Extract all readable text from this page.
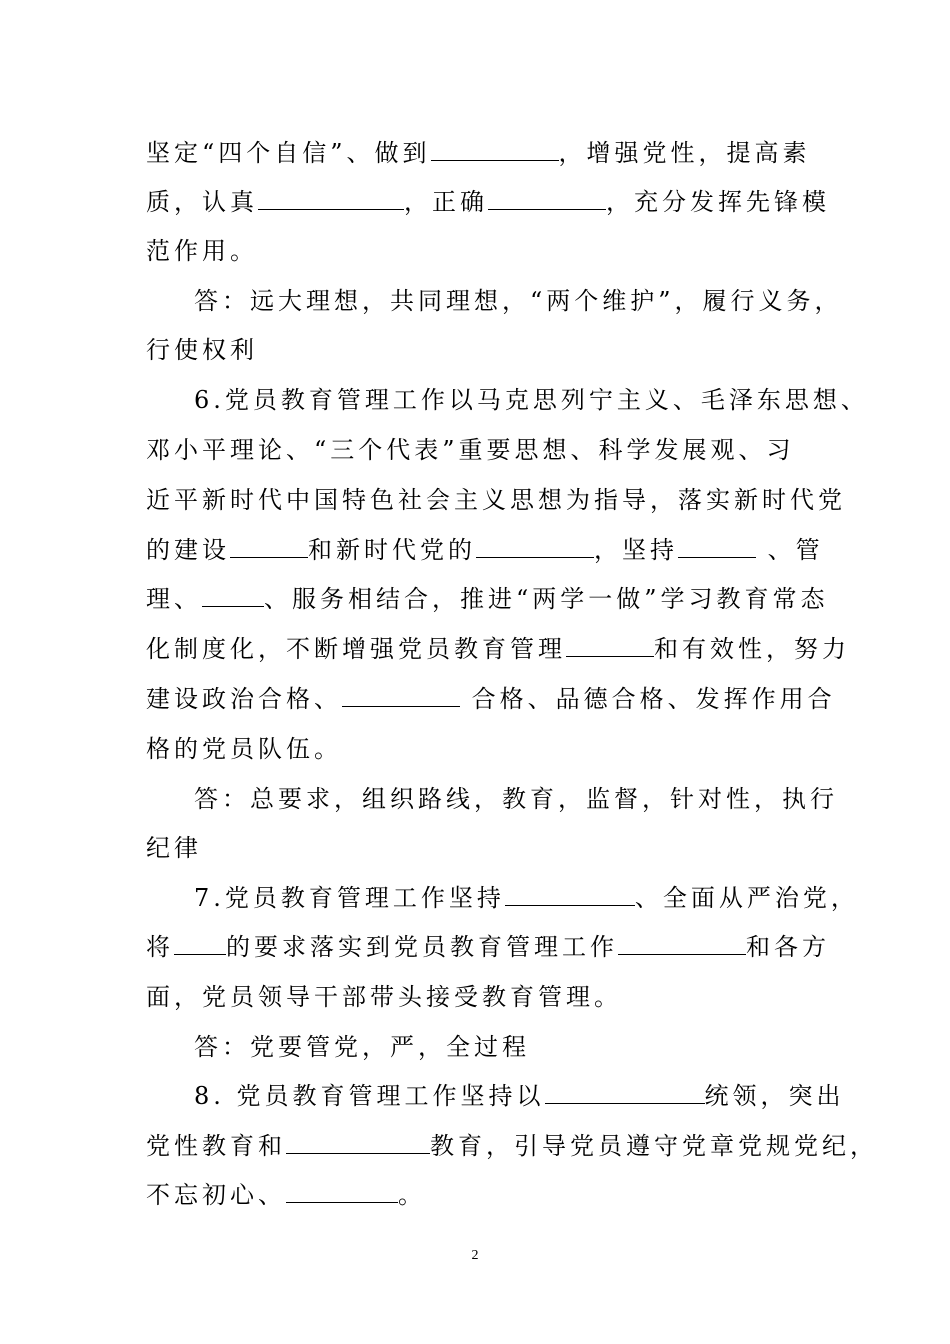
坚定“四个自信”、做到	，增强党性，提高素
质，认真	，正确	，充分发挥先锋模
范作用。
答：远大理想，共同理想，“两个维护”，履行义务，
行使权利
6.党员教育管理工作以马克思列宁主义、毛泽东思想、
邓小平理论、“三个代表”重要思想、科学发展观、习
近平新时代中国特色社会主义思想为指导，落实新时代党
的建设	和新时代党的	，坚持	、管
理、	、服务相结合，推进“两学一做”学习教育常态
化制度化，不断增强党员教育管理	和有效性，努力
建设政治合格、	合格、品德合格、发挥作用合
格的党员队伍。
答：总要求，组织路线，教育，监督，针对性，执行
纪律
7.党员教育管理工作坚持	、全面从严治党，
将 的要求落实到党员教育管理工作	和各方
面，党员领导干部带头接受教育管理。
答：党要管党，严，全过程
8. 党员教育管理工作坚持以	统领，突出
党性教育和	教育，引导党员遵守党章党规党纪，
不忘初心、	。
2
